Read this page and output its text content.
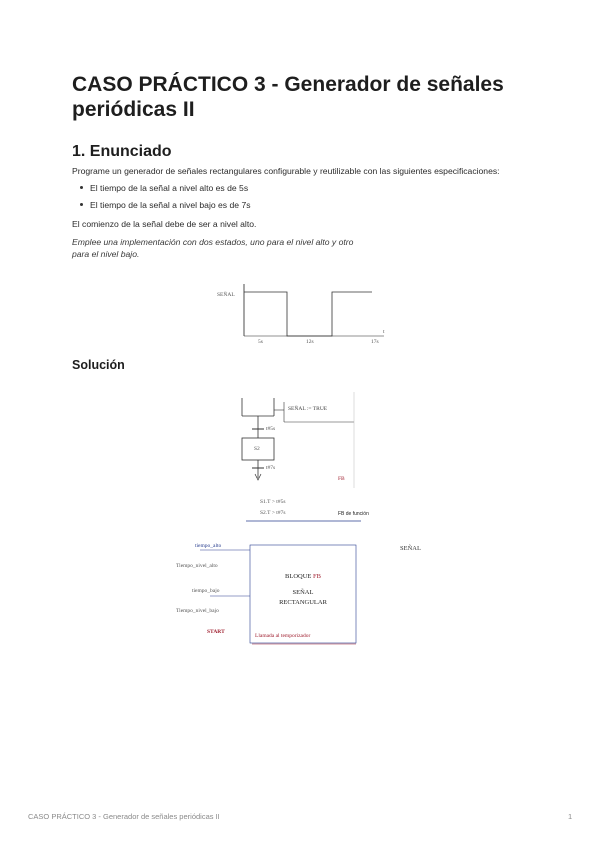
CASO PRÁCTICO 3 - Generador de señales periódicas II
1. Enunciado

Programe un generador de señales rectangulares configurable y reutilizable con las siguientes especificaciones:

El tiempo de la señal a nivel alto es de 5s
El tiempo de la señal a nivel bajo es de 7s

El comienzo de la señal debe de ser a nivel alto.

Emplee una implementación con dos estados, uno para el nivel alto y otro para el nivel bajo.

SEÑAL
t
5s	12s	17s
Solución
SEÑAL := TRUE
t#5s
S2
t#7s
FB
S1.T > t#5s
S2.T > t#7s	FB de función
tiempo_alto
Tiempo_nivel_alto
tiempo_bajo
Tiempo_nivel_bajo
START
SEÑAL
BLOQUE FB
SEÑAL
RECTANGULAR
Llamada al temporizador
CASO PRÁCTICO 3 - Generador de señales periódicas II	1
